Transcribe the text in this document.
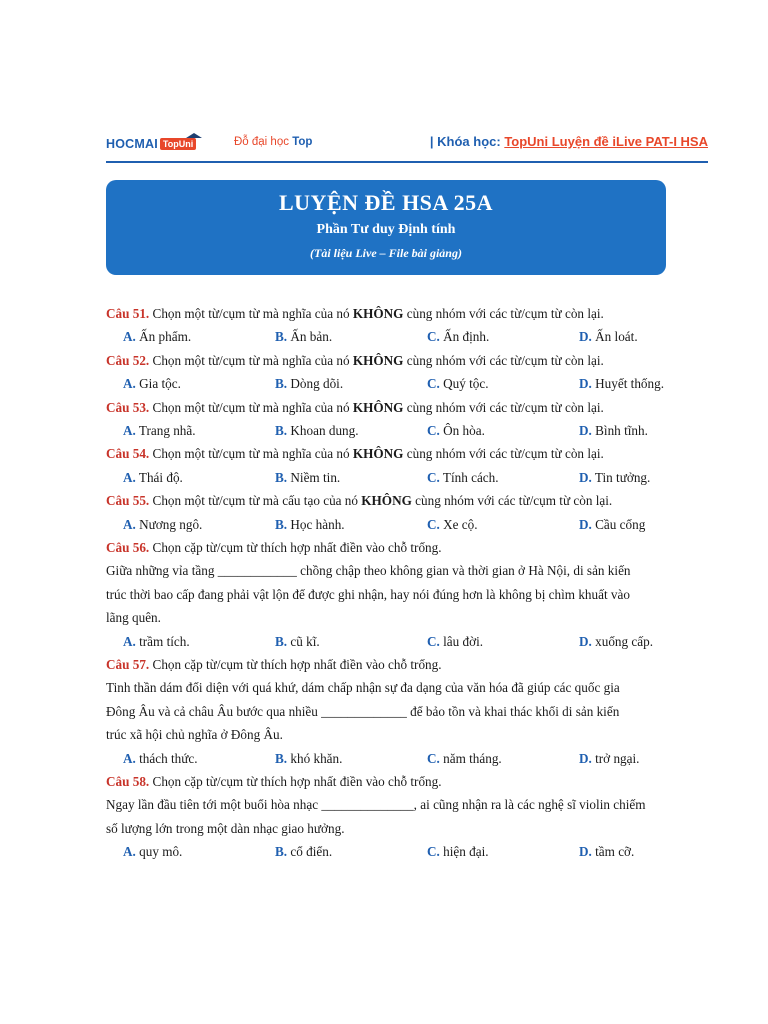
HOCMAI TopUni	Đỗ đại học Top	| Khóa học: TopUni Luyện đề iLive PAT-I HSA
LUYỆN ĐỀ HSA 25A
Phần Tư duy Định tính
(Tài liệu Live – File bài giảng)
Câu 51. Chọn một từ/cụm từ mà nghĩa của nó KHÔNG cùng nhóm với các từ/cụm từ còn lại.
A. Ấn phẩm.	B. Ấn bản.	C. Ấn định.	D. Ấn loát.
Câu 52. Chọn một từ/cụm từ mà nghĩa của nó KHÔNG cùng nhóm với các từ/cụm từ còn lại.
A. Gia tộc.	B. Dòng dõi.	C. Quý tộc.	D. Huyết thống.
Câu 53. Chọn một từ/cụm từ mà nghĩa của nó KHÔNG cùng nhóm với các từ/cụm từ còn lại.
A. Trang nhã.	B. Khoan dung.	C. Ôn hòa.	D. Bình tĩnh.
Câu 54. Chọn một từ/cụm từ mà nghĩa của nó KHÔNG cùng nhóm với các từ/cụm từ còn lại.
A. Thái độ.	B. Niềm tin.	C. Tính cách.	D. Tin tưởng.
Câu 55. Chọn một từ/cụm từ mà cấu tạo của nó KHÔNG cùng nhóm với các từ/cụm từ còn lại.
A. Nương ngô.	B. Học hành.	C. Xe cộ.	D. Cầu cống
Câu 56. Chọn cặp từ/cụm từ thích hợp nhất điền vào chỗ trống.
Giữa những vỉa tầng ____________ chồng chập theo không gian và thời gian ở Hà Nội, di sản kiến
trúc thời bao cấp đang phải vật lộn để được ghi nhận, hay nói đúng hơn là không bị chìm khuất vào
lãng quên.
A. trầm tích.	B. cũ kĩ.	C. lâu đời.	D. xuống cấp.
Câu 57. Chọn cặp từ/cụm từ thích hợp nhất điền vào chỗ trống.
Tinh thần dám đối diện với quá khứ, dám chấp nhận sự đa dạng của văn hóa đã giúp các quốc gia
Đông Âu và cả châu Âu bước qua nhiều _____________ để bảo tồn và khai thác khối di sản kiến
trúc xã hội chủ nghĩa ở Đông Âu.
A. thách thức.	B. khó khăn.	C. năm tháng.	D. trở ngại.
Câu 58. Chọn cặp từ/cụm từ thích hợp nhất điền vào chỗ trống.
Ngay lần đầu tiên tới một buổi hòa nhạc ______________, ai cũng nhận ra là các nghệ sĩ violin chiếm
số lượng lớn trong một dàn nhạc giao hưởng.
A. quy mô.	B. cổ điển.	C. hiện đại.	D. tầm cỡ.
